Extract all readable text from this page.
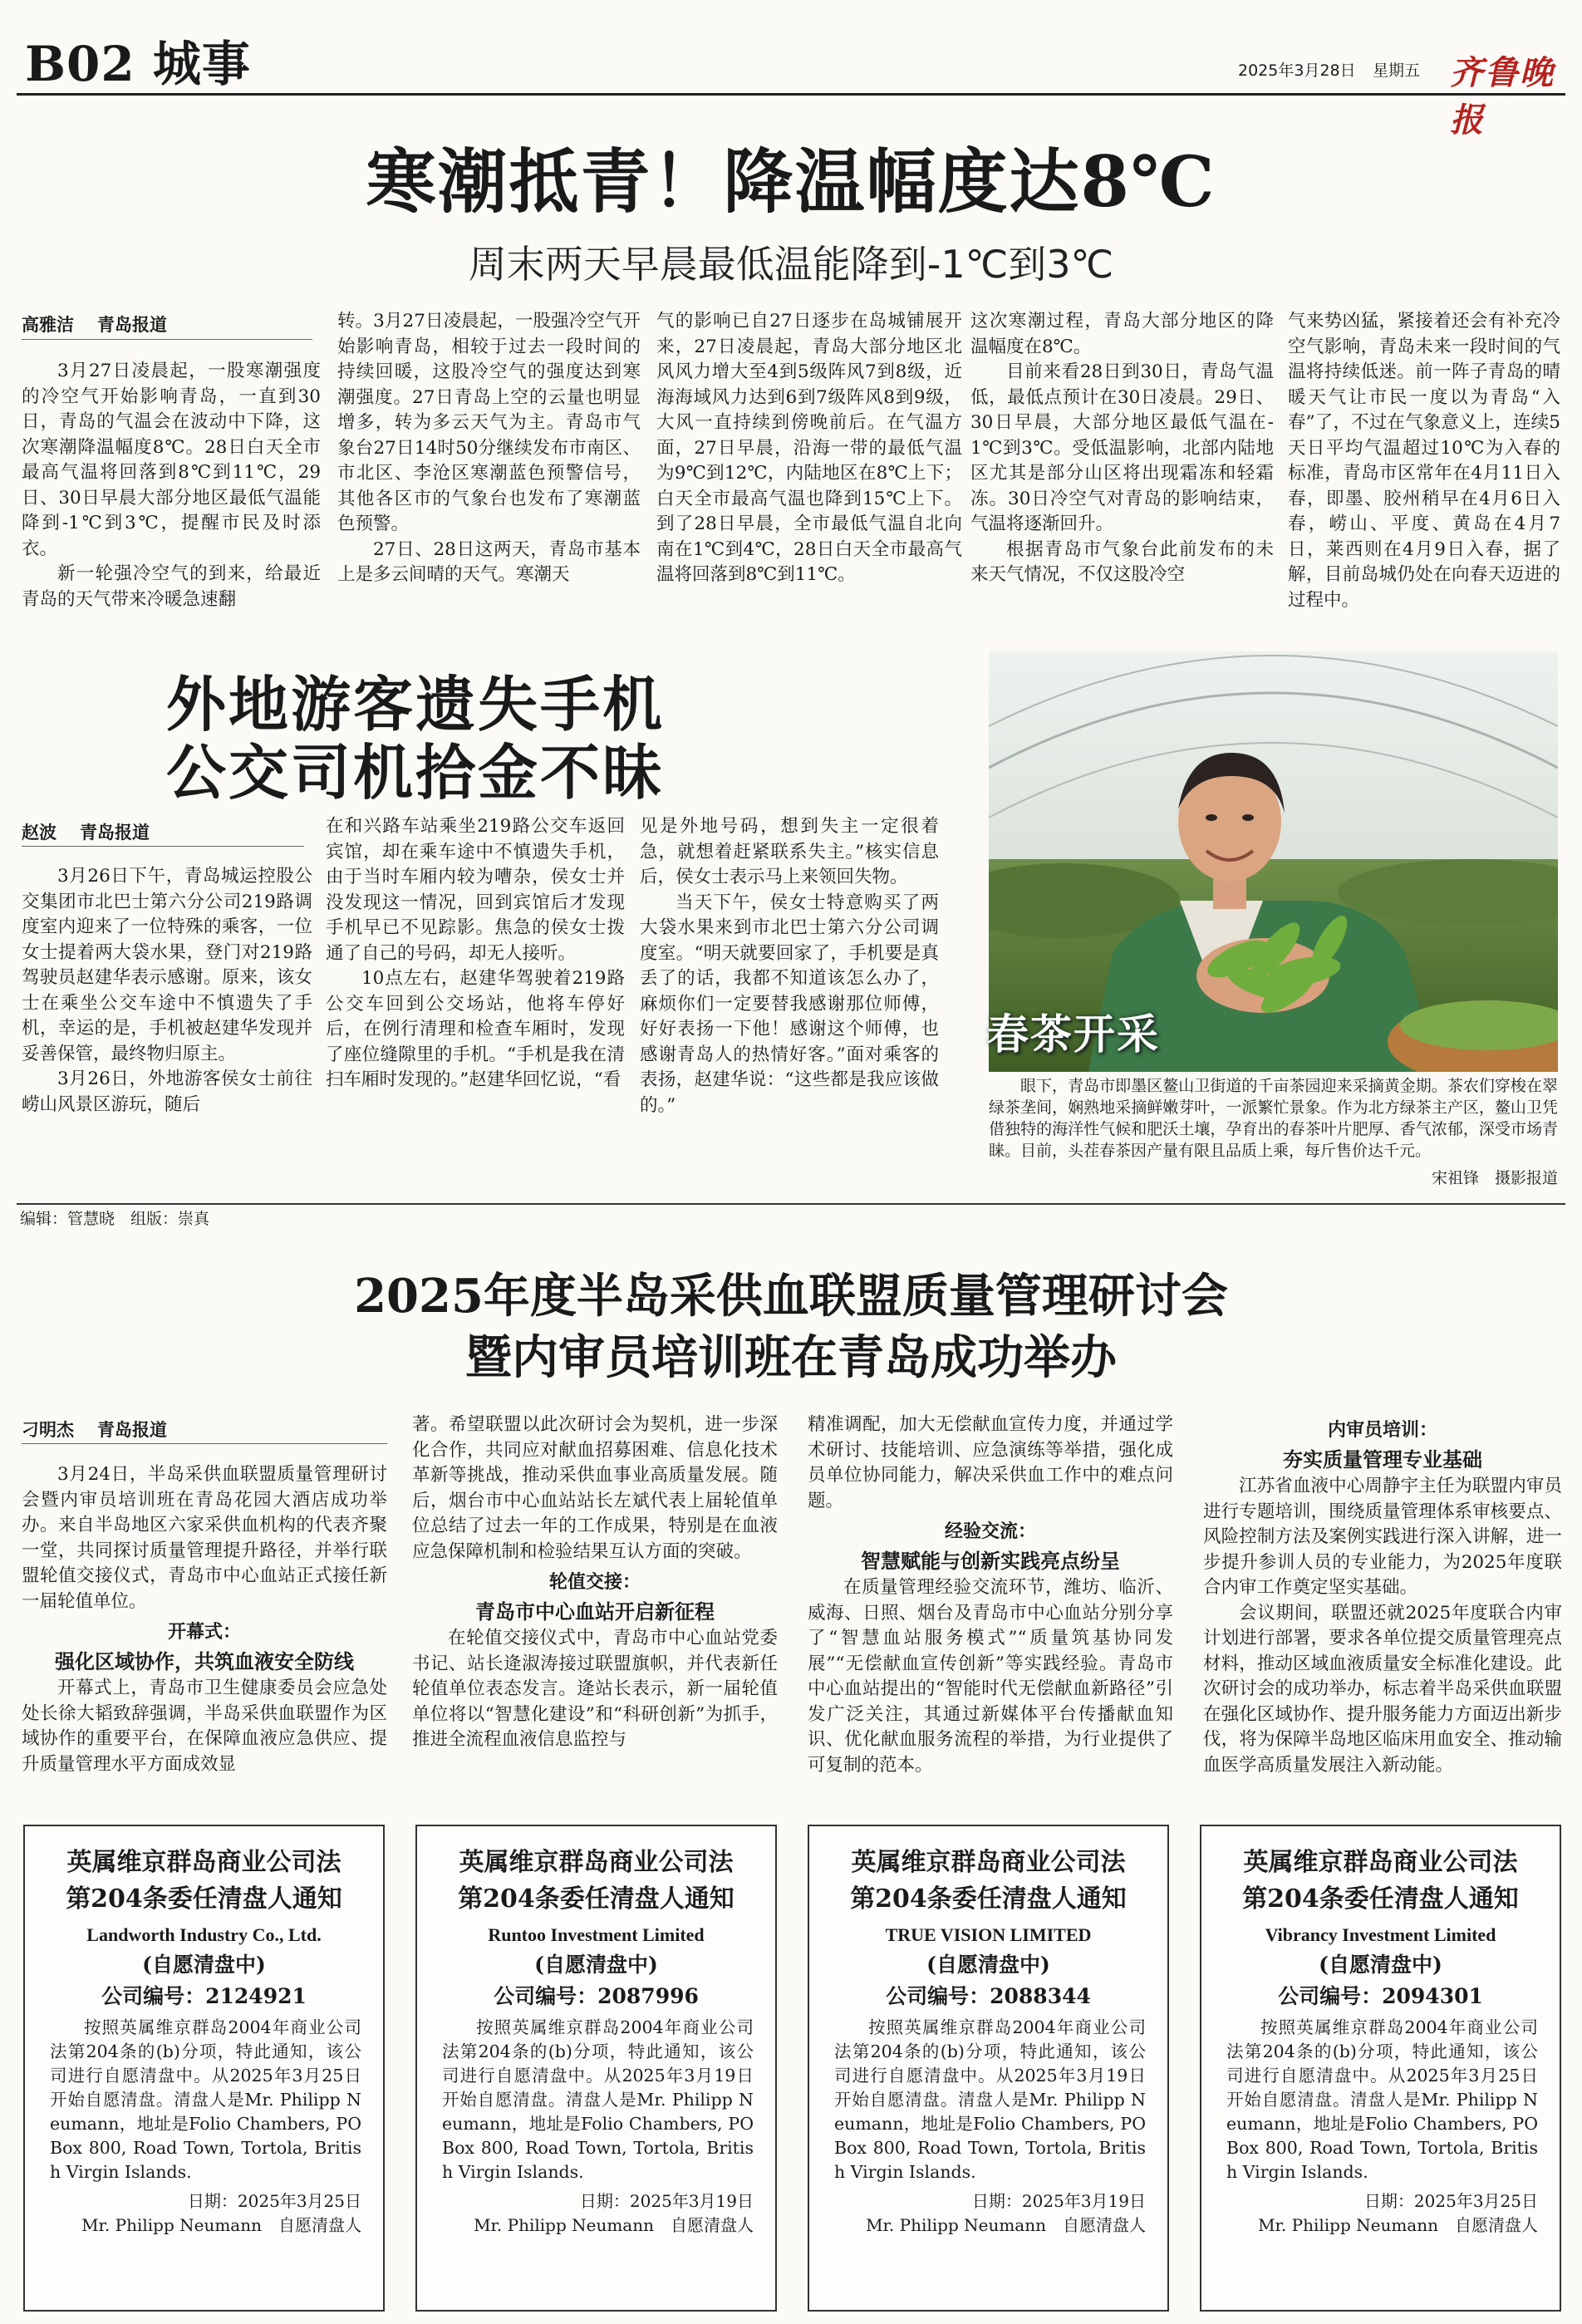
B02 城事	2025年3月28日 星期五 齐鲁晚报
寒潮抵青！降温幅度达8℃
周末两天早晨最低温能降到-1℃到3℃
高雅洁 青岛报道

3月27日凌晨起，一股寒潮强度的冷空气开始影响青岛，一直到30日，青岛的气温会在波动中下降，这次寒潮降温幅度8℃。28日白天全市最高气温将回落到8℃到11℃，29日、30日早晨大部分地区最低气温能降到-1℃到3℃，提醒市民及时添衣。

新一轮强冷空气的到来，给最近青岛的天气带来冷暖急速翻

转。3月27日凌晨起，一股强冷空气开始影响青岛，相较于过去一段时间的持续回暖，这股冷空气的强度达到寒潮强度。27日青岛上空的云量也明显增多，转为多云天气为主。青岛市气象台27日14时50分继续发布市南区、市北区、李沧区寒潮蓝色预警信号，其他各区市的气象台也发布了寒潮蓝色预警。

27日、28日这两天，青岛市基本上是多云间晴的天气。寒潮天

气的影响已自27日逐步在岛城铺展开来，27日凌晨起，青岛大部分地区北风风力增大至4到5级阵风7到8级，近海海域风力达到6到7级阵风8到9级，大风一直持续到傍晚前后。在气温方面，27日早晨，沿海一带的最低气温为9℃到12℃，内陆地区在8℃上下；白天全市最高气温也降到15℃上下。到了28日早晨，全市最低气温自北向南在1℃到4℃，28日白天全市最高气温将回落到8℃到11℃。

这次寒潮过程，青岛大部分地区的降温幅度在8℃。

目前来看28日到30日，青岛气温低，最低点预计在30日凌晨。29日、30日早晨，大部分地区最低气温在-1℃到3℃。受低温影响，北部内陆地区尤其是部分山区将出现霜冻和轻霜冻。30日冷空气对青岛的影响结束，气温将逐渐回升。

根据青岛市气象台此前发布的未来天气情况，不仅这股冷空

气来势凶猛，紧接着还会有补充冷空气影响，青岛未来一段时间的气温将持续低迷。前一阵子青岛的晴暖天气让市民一度以为青岛“入春”了，不过在气象意义上，连续5天日平均气温超过10℃为入春的标准，青岛市区常年在4月11日入春，即墨、胶州稍早在4月6日入春，崂山、平度、黄岛在4月7日，莱西则在4月9日入春，据了解，目前岛城仍处在向春天迈进的过程中。

外地游客遗失手机
公交司机拾金不昧
赵波 青岛报道

3月26日下午，青岛城运控股公交集团市北巴士第六分公司219路调度室内迎来了一位特殊的乘客，一位女士提着两大袋水果，登门对219路驾驶员赵建华表示感谢。原来，该女士在乘坐公交车途中不慎遗失了手机，幸运的是，手机被赵建华发现并妥善保管，最终物归原主。

3月26日，外地游客侯女士前往崂山风景区游玩，随后

在和兴路车站乘坐219路公交车返回宾馆，却在乘车途中不慎遗失手机，由于当时车厢内较为嘈杂，侯女士并没发现这一情况，回到宾馆后才发现手机早已不见踪影。焦急的侯女士拨通了自己的号码，却无人接听。

10点左右，赵建华驾驶着219路公交车回到公交场站，他将车停好后，在例行清理和检查车厢时，发现了座位缝隙里的手机。“手机是我在清扫车厢时发现的。”赵建华回忆说，“看

见是外地号码，想到失主一定很着急，就想着赶紧联系失主。”核实信息后，侯女士表示马上来领回失物。

当天下午，侯女士特意购买了两大袋水果来到市北巴士第六分公司调度室。“明天就要回家了，手机要是真丢了的话，我都不知道该怎么办了，麻烦你们一定要替我感谢那位师傅，好好表扬一下他！感谢这个师傅，也感谢青岛人的热情好客。”面对乘客的表扬，赵建华说：“这些都是我应该做的。”

春茶开采
眼下，青岛市即墨区鳌山卫街道的千亩茶园迎来采摘黄金期。茶农们穿梭在翠绿茶垄间，娴熟地采摘鲜嫩芽叶，一派繁忙景象。作为北方绿茶主产区，鳌山卫凭借独特的海洋性气候和肥沃土壤，孕育出的春茶叶片肥厚、香气浓郁，深受市场青睐。目前，头茬春茶因产量有限且品质上乘，每斤售价达千元。
宋祖锋　摄影报道
编辑：管慧晓　组版：崇真
2025年度半岛采供血联盟质量管理研讨会
暨内审员培训班在青岛成功举办
刁明杰 青岛报道

3月24日，半岛采供血联盟质量管理研讨会暨内审员培训班在青岛花园大酒店成功举办。来自半岛地区六家采供血机构的代表齐聚一堂，共同探讨质量管理提升路径，并举行联盟轮值交接仪式，青岛市中心血站正式接任新一届轮值单位。

开幕式：
强化区域协作，共筑血液安全防线

开幕式上，青岛市卫生健康委员会应急处处长徐大韬致辞强调，半岛采供血联盟作为区域协作的重要平台，在保障血液应急供应、提升质量管理水平方面成效显

著。希望联盟以此次研讨会为契机，进一步深化合作，共同应对献血招募困难、信息化技术革新等挑战，推动采供血事业高质量发展。随后，烟台市中心血站站长左斌代表上届轮值单位总结了过去一年的工作成果，特别是在血液应急保障机制和检验结果互认方面的突破。

轮值交接：
青岛市中心血站开启新征程

在轮值交接仪式中，青岛市中心血站党委书记、站长逄淑涛接过联盟旗帜，并代表新任轮值单位表态发言。逄站长表示，新一届轮值单位将以“智慧化建设”和“科研创新”为抓手，推进全流程血液信息监控与

精准调配，加大无偿献血宣传力度，并通过学术研讨、技能培训、应急演练等举措，强化成员单位协同能力，解决采供血工作中的难点问题。

经验交流：
智慧赋能与创新实践亮点纷呈

在质量管理经验交流环节，潍坊、临沂、威海、日照、烟台及青岛市中心血站分别分享了“智慧血站服务模式”“质量筑基协同发展”“无偿献血宣传创新”等实践经验。青岛市中心血站提出的“智能时代无偿献血新路径”引发广泛关注，其通过新媒体平台传播献血知识、优化献血服务流程的举措，为行业提供了可复制的范本。

内审员培训：
夯实质量管理专业基础

江苏省血液中心周静宇主任为联盟内审员进行专题培训，围绕质量管理体系审核要点、风险控制方法及案例实践进行深入讲解，进一步提升参训人员的专业能力，为2025年度联合内审工作奠定坚实基础。

会议期间，联盟还就2025年度联合内审计划进行部署，要求各单位提交质量管理亮点材料，推动区域血液质量安全标准化建设。此次研讨会的成功举办，标志着半岛采供血联盟在强化区域协作、提升服务能力方面迈出新步伐，将为保障半岛地区临床用血安全、推动输血医学高质量发展注入新动能。

英属维京群岛商业公司法
第204条委任清盘人通知
Landworth Industry Co., Ltd.
(自愿清盘中)
公司编号：2124921

按照英属维京群岛2004年商业公司法第204条的(b)分项，特此通知，该公司进行自愿清盘中。从2025年3月25日开始自愿清盘。清盘人是Mr. Philipp Neumann，地址是Folio Chambers, PO Box 800, Road Town, Tortola, British Virgin Islands.

日期：2025年3月25日
Mr. Philipp Neumann　自愿清盘人
英属维京群岛商业公司法
第204条委任清盘人通知
Runtoo Investment Limited
(自愿清盘中)
公司编号：2087996

按照英属维京群岛2004年商业公司法第204条的(b)分项，特此通知，该公司进行自愿清盘中。从2025年3月19日开始自愿清盘。清盘人是Mr. Philipp Neumann，地址是Folio Chambers, PO Box 800, Road Town, Tortola, British Virgin Islands.

日期：2025年3月19日
Mr. Philipp Neumann　自愿清盘人
英属维京群岛商业公司法
第204条委任清盘人通知
TRUE VISION LIMITED
(自愿清盘中)
公司编号：2088344

按照英属维京群岛2004年商业公司法第204条的(b)分项，特此通知，该公司进行自愿清盘中。从2025年3月19日开始自愿清盘。清盘人是Mr. Philipp Neumann，地址是Folio Chambers, PO Box 800, Road Town, Tortola, British Virgin Islands.

日期：2025年3月19日
Mr. Philipp Neumann　自愿清盘人
英属维京群岛商业公司法
第204条委任清盘人通知
Vibrancy Investment Limited
(自愿清盘中)
公司编号：2094301

按照英属维京群岛2004年商业公司法第204条的(b)分项，特此通知，该公司进行自愿清盘中。从2025年3月25日开始自愿清盘。清盘人是Mr. Philipp Neumann，地址是Folio Chambers, PO Box 800, Road Town, Tortola, British Virgin Islands.

日期：2025年3月25日
Mr. Philipp Neumann　自愿清盘人
